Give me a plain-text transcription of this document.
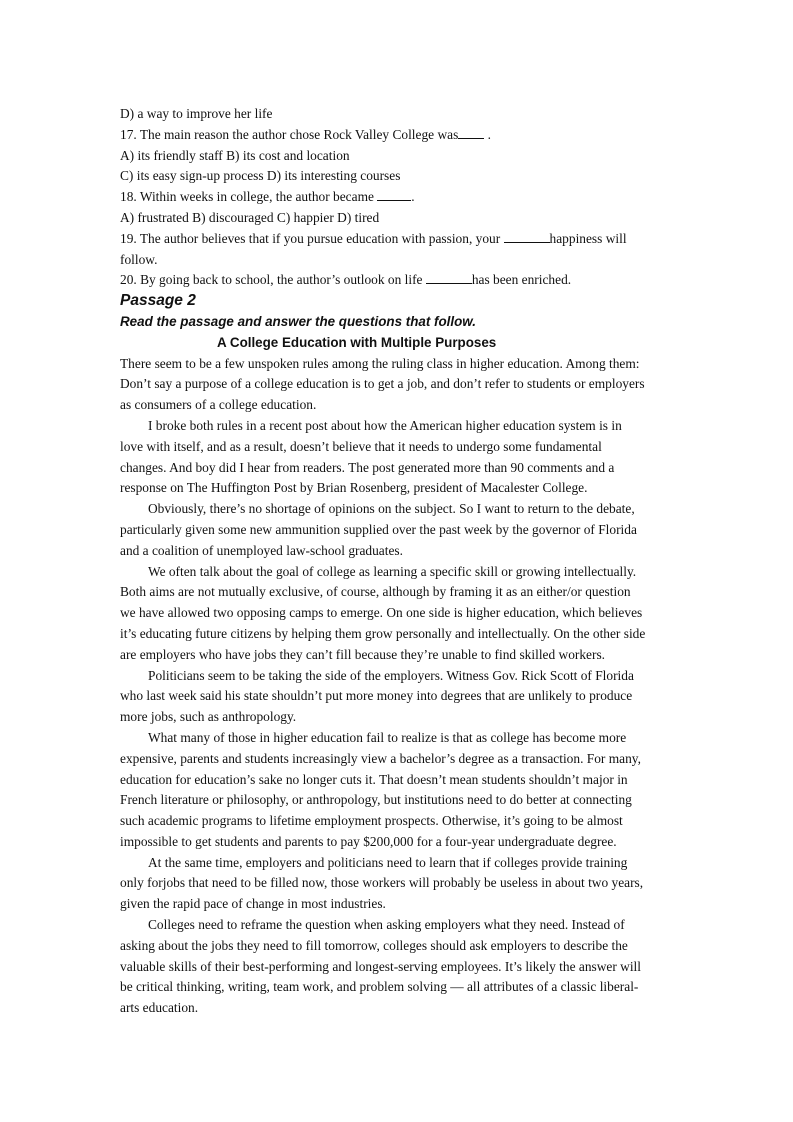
D) a way to improve her life
17. The main reason the author chose Rock Valley College was .
A) its friendly staff B) its cost and location
C) its easy sign-up process D) its interesting courses
18. Within weeks in college, the author became	.
A) frustrated B) discouraged C) happier D) tired
19. The author believes that if you pursue education with passion, your	happiness will
follow.
20. By going back to school, the author’s outlook on life	has been enriched.
Passage 2
Read the passage and answer the questions that follow.
A College Education with Multiple Purposes
There seem to be a few unspoken rules among the ruling class in higher education. Among them:
Don’t say a purpose of a college education is to get a job, and don’t refer to students or employers
as consumers of a college education.
I broke both rules in a recent post about how the American higher education system is in
love with itself, and as a result, doesn’t believe that it needs to undergo some fundamental
changes. And boy did I hear from readers. The post generated more than 90 comments and a
response on The Huffington Post by Brian Rosenberg, president of Macalester College.
Obviously, there’s no shortage of opinions on the subject. So I want to return to the debate,
particularly given some new ammunition supplied over the past week by the governor of Florida
and a coalition of unemployed law-school graduates.
We often talk about the goal of college as learning a specific skill or growing intellectually.
Both aims are not mutually exclusive, of course, although by framing it as an either/or question
we have allowed two opposing camps to emerge. On one side is higher education, which believes
it’s educating future citizens by helping them grow personally and intellectually. On the other side
are employers who have jobs they can’t fill because they’re unable to find skilled workers.
Politicians seem to be taking the side of the employers. Witness Gov. Rick Scott of Florida
who last week said his state shouldn’t put more money into degrees that are unlikely to produce
more jobs, such as anthropology.
What many of those in higher education fail to realize is that as college has become more
expensive, parents and students increasingly view a bachelor’s degree as a transaction. For many,
education for education’s sake no longer cuts it. That doesn’t mean students shouldn’t major in
French literature or philosophy, or anthropology, but institutions need to do better at connecting
such academic programs to lifetime employment prospects. Otherwise, it’s going to be almost
impossible to get students and parents to pay $200,000 for a four-year undergraduate degree.
At the same time, employers and politicians need to learn that if colleges provide training
only forjobs that need to be filled now, those workers will probably be useless in about two years,
given the rapid pace of change in most industries.
Colleges need to reframe the question when asking employers what they need. Instead of
asking about the jobs they need to fill tomorrow, colleges should ask employers to describe the
valuable skills of their best-performing and longest-serving employees. It’s likely the answer will
be critical thinking, writing, team work, and problem solving — all attributes of a classic liberal-
arts education.
